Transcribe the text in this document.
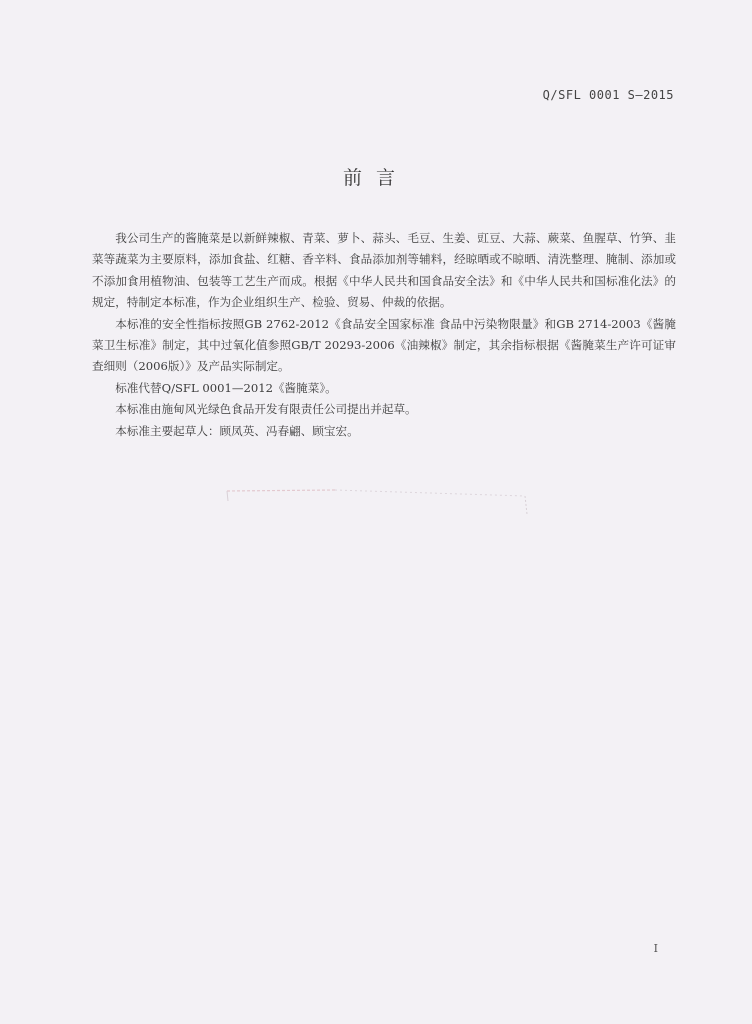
Q/SFL 0001 S—2015
前言

我公司生产的酱腌菜是以新鲜辣椒、青菜、萝卜、蒜头、毛豆、生姜、豇豆、大蒜、蕨菜、鱼腥草、竹笋、韭菜等蔬菜为主要原料，添加食盐、红糖、香辛料、食品添加剂等辅料，经晾晒或不晾晒、清洗整理、腌制、添加或不添加食用植物油、包装等工艺生产而成。根据《中华人民共和国食品安全法》和《中华人民共和国标准化法》的规定，特制定本标准，作为企业组织生产、检验、贸易、仲裁的依据。

本标准的安全性指标按照GB 2762-2012《食品安全国家标准 食品中污染物限量》和GB 2714-2003《酱腌菜卫生标准》制定，其中过氧化值参照GB/T 20293-2006《油辣椒》制定，其余指标根据《酱腌菜生产许可证审查细则（2006版）》及产品实际制定。

标准代替Q/SFL 0001—2012《酱腌菜》。

本标准由施甸风光绿色食品开发有限责任公司提出并起草。

本标准主要起草人：顾凤英、冯春翩、顾宝宏。

I
